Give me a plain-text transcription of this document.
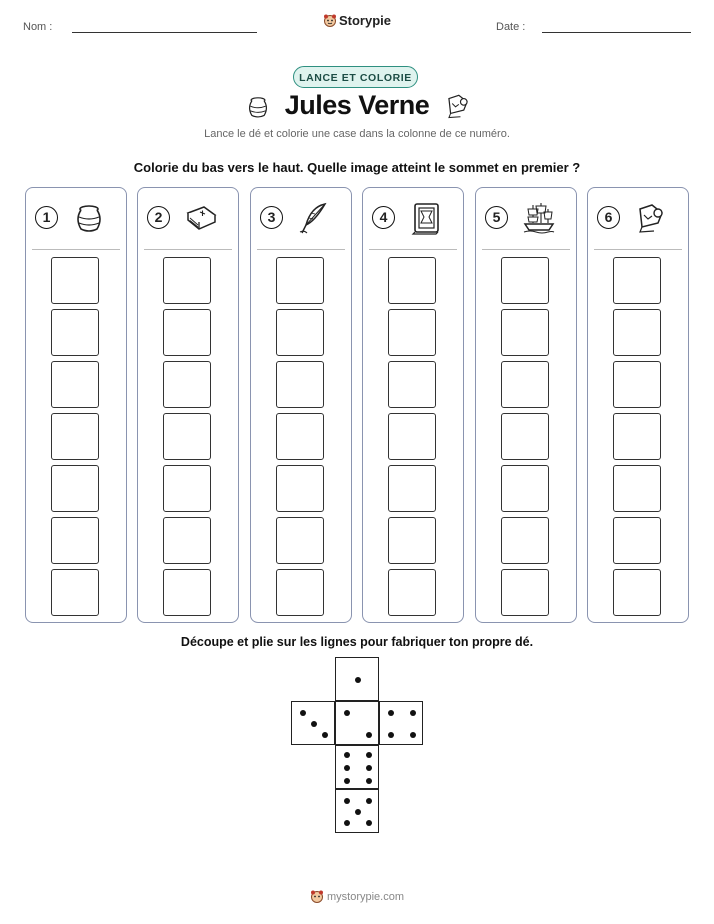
Nom :	Storypie	Date :
LANCE ET COLORIE
Jules Verne
Lance le dé et colorie une case dans la colonne de ce numéro.
Colorie du bas vers le haut. Quelle image atteint le sommet en premier ?
1	2	3	4	5	6
Découpe et plie sur les lignes pour fabriquer ton propre dé.
mystorypie.com
